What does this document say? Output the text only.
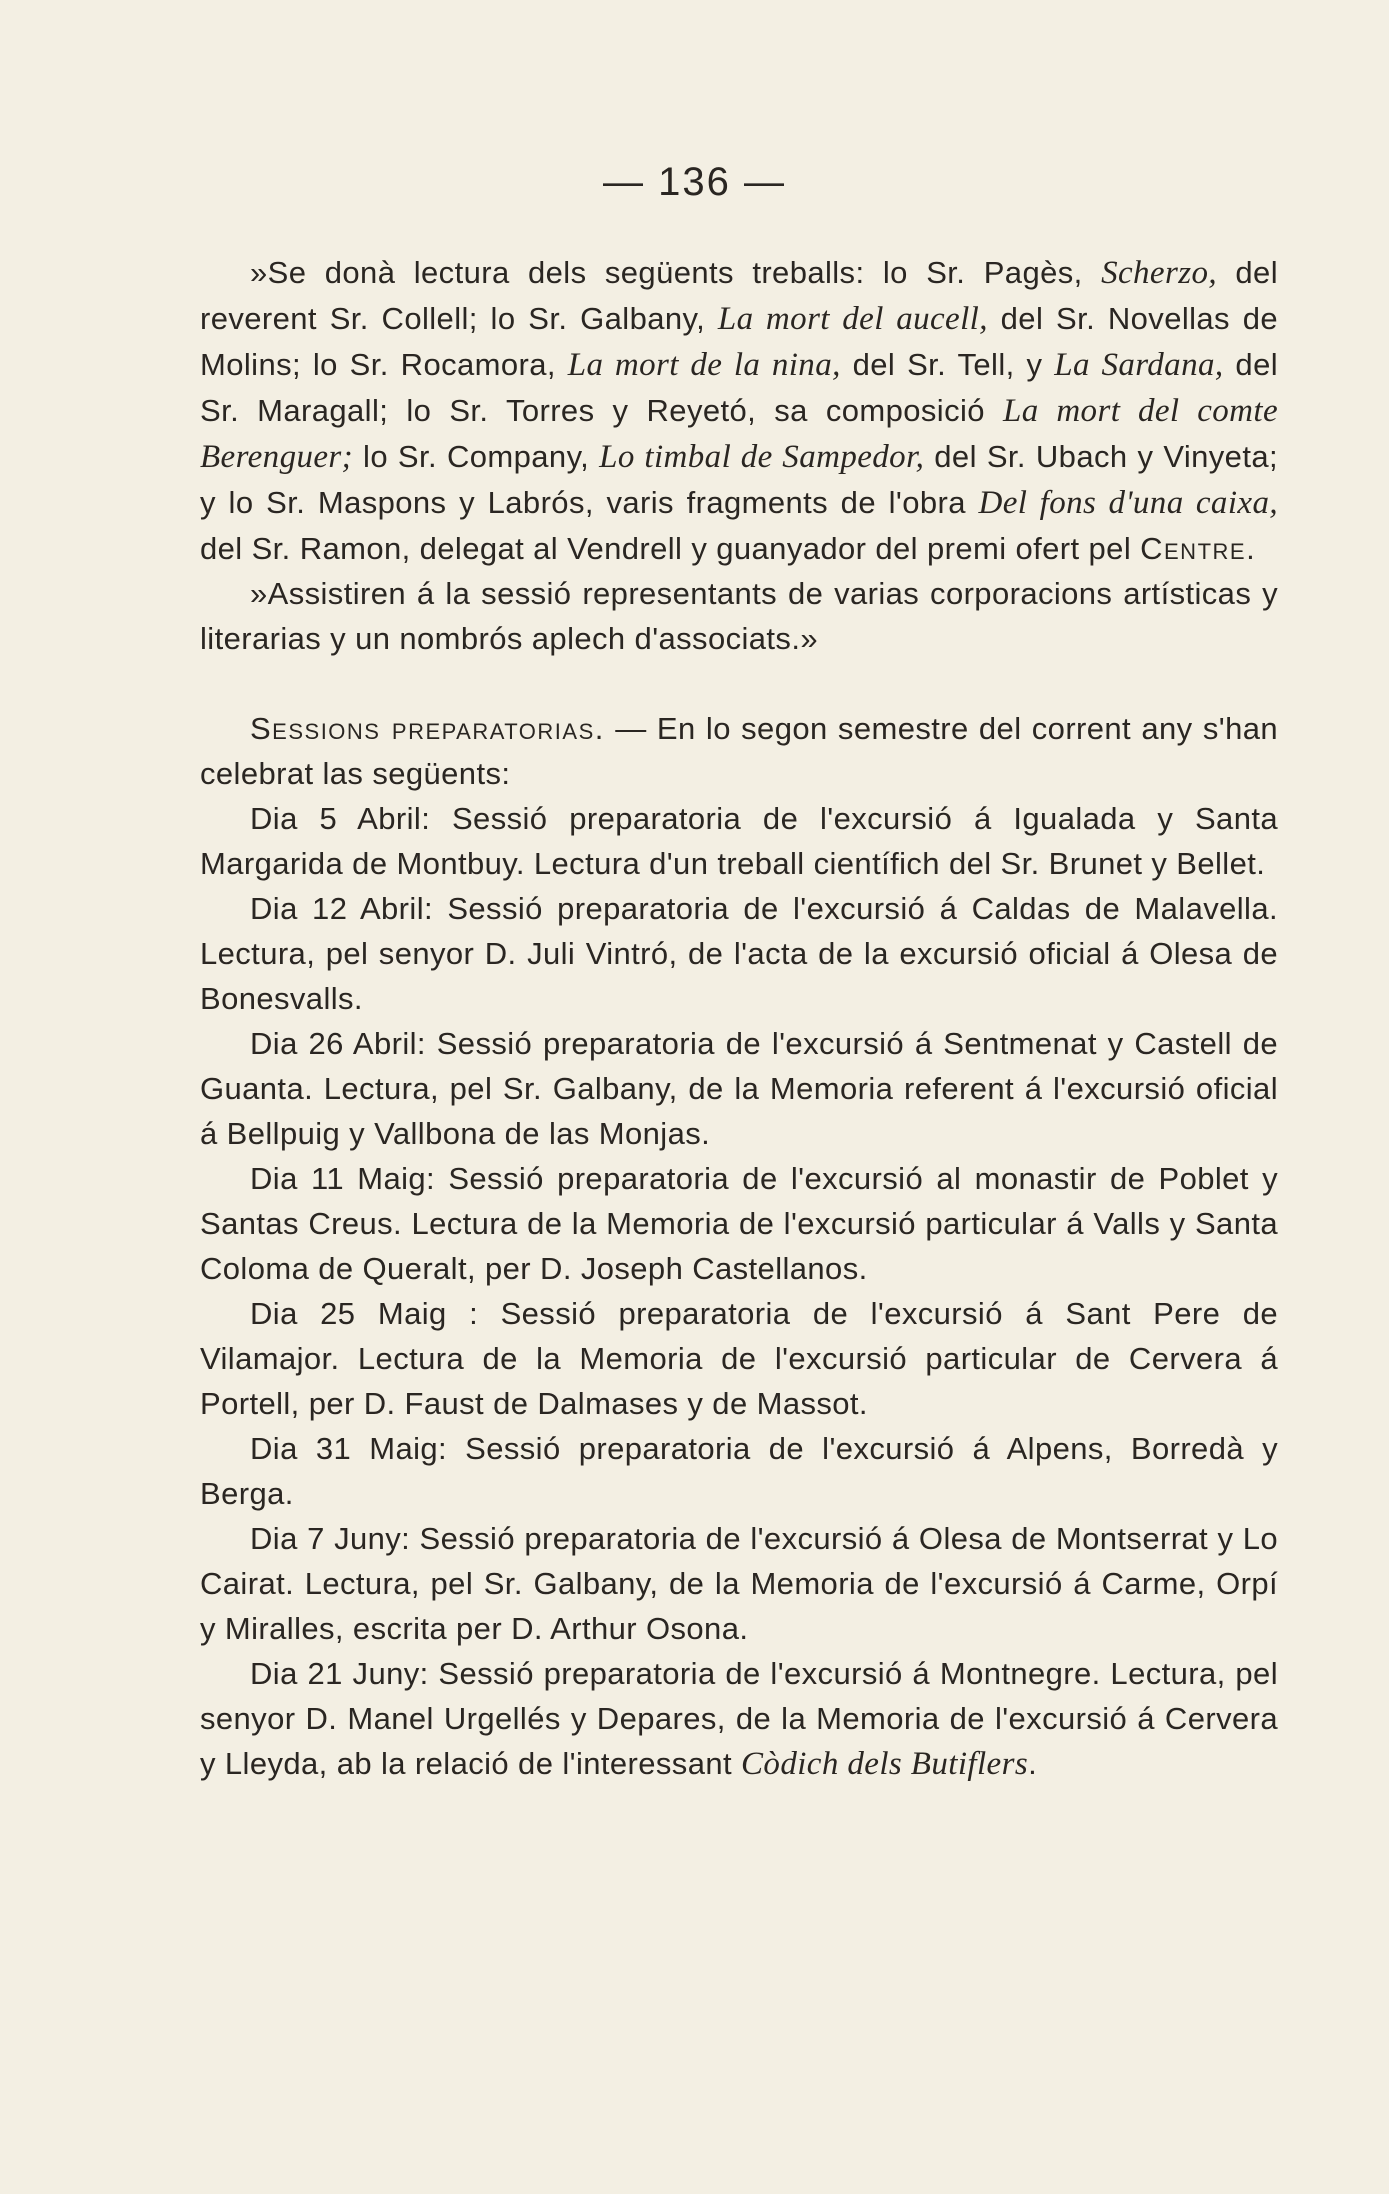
— 136 —

»Se donà lectura dels següents treballs: lo Sr. Pagès, Scherzo, del reverent Sr. Collell; lo Sr. Galbany, La mort del aucell, del Sr. Novellas de Molins; lo Sr. Rocamora, La mort de la nina, del Sr. Tell, y La Sardana, del Sr. Maragall; lo Sr. Torres y Reyetó, sa composició La mort del comte Berenguer; lo Sr. Company, Lo timbal de Sampedor, del Sr. Ubach y Vinyeta; y lo Sr. Maspons y Labrós, varis fragments de l'obra Del fons d'una caixa, del Sr. Ramon, delegat al Vendrell y guanyador del premi ofert pel Centre.

»Assistiren á la sessió representants de varias corporacions artísticas y literarias y un nombrós aplech d'associats.»

Sessions preparatorias. — En lo segon semestre del corrent any s'han celebrat las següents:

Dia 5 Abril: Sessió preparatoria de l'excursió á Igualada y Santa Margarida de Montbuy. Lectura d'un treball científich del Sr. Brunet y Bellet.

Dia 12 Abril: Sessió preparatoria de l'excursió á Caldas de Malavella. Lectura, pel senyor D. Juli Vintró, de l'acta de la excursió oficial á Olesa de Bonesvalls.

Dia 26 Abril: Sessió preparatoria de l'excursió á Sentmenat y Castell de Guanta. Lectura, pel Sr. Galbany, de la Memoria referent á l'excursió oficial á Bellpuig y Vallbona de las Monjas.

Dia 11 Maig: Sessió preparatoria de l'excursió al monastir de Poblet y Santas Creus. Lectura de la Memoria de l'excursió particular á Valls y Santa Coloma de Queralt, per D. Joseph Castellanos.

Dia 25 Maig : Sessió preparatoria de l'excursió á Sant Pere de Vilamajor. Lectura de la Memoria de l'excursió particular de Cervera á Portell, per D. Faust de Dalmases y de Massot.

Dia 31 Maig: Sessió preparatoria de l'excursió á Alpens, Borredà y Berga.

Dia 7 Juny: Sessió preparatoria de l'excursió á Olesa de Montserrat y Lo Cairat. Lectura, pel Sr. Galbany, de la Memoria de l'excursió á Carme, Orpí y Miralles, escrita per D. Arthur Osona.

Dia 21 Juny: Sessió preparatoria de l'excursió á Montnegre. Lectura, pel senyor D. Manel Urgellés y Depares, de la Memoria de l'excursió á Cervera y Lleyda, ab la relació de l'interessant Còdich dels Butiflers.
